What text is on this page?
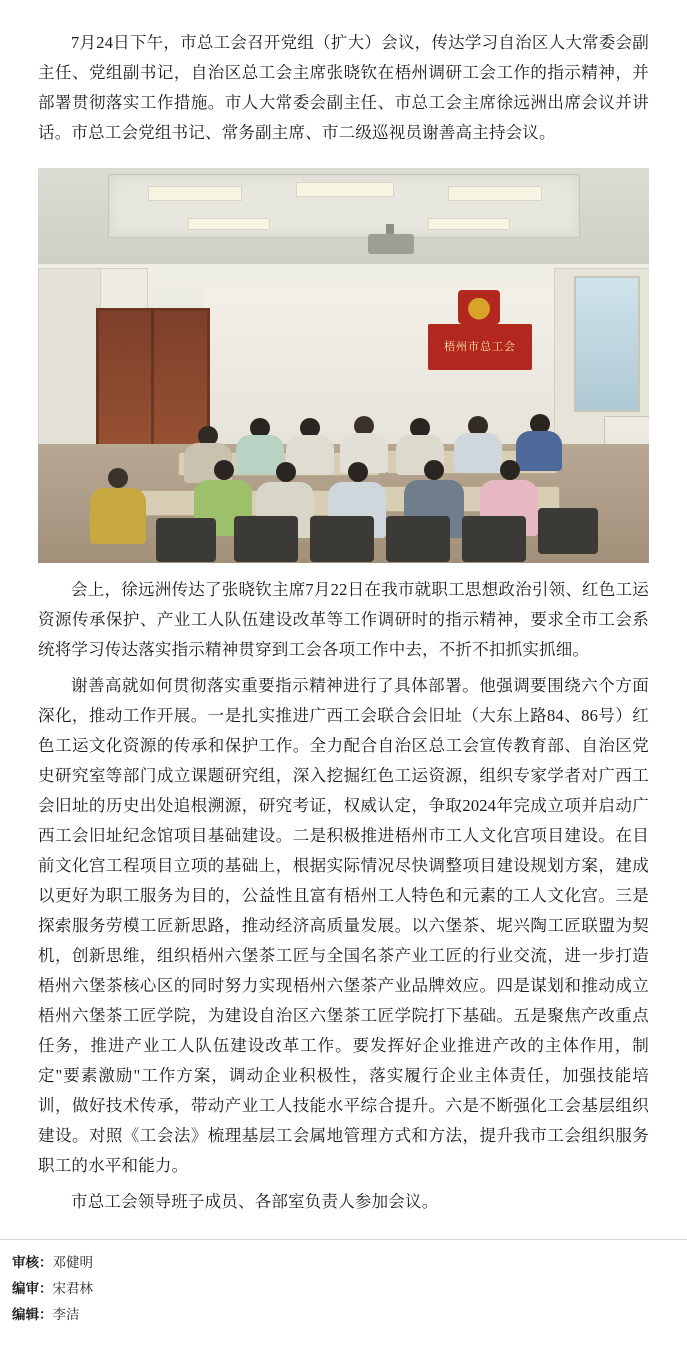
7月24日下午，市总工会召开党组（扩大）会议，传达学习自治区人大常委会副主任、党组副书记，自治区总工会主席张晓钦在梧州调研工会工作的指示精神，并部署贯彻落实工作措施。市人大常委会副主任、市总工会主席徐远洲出席会议并讲话。市总工会党组书记、常务副主席、市二级巡视员谢善高主持会议。

梧州市总工会

会上，徐远洲传达了张晓钦主席7月22日在我市就职工思想政治引领、红色工运资源传承保护、产业工人队伍建设改革等工作调研时的指示精神，要求全市工会系统将学习传达落实指示精神贯穿到工会各项工作中去，不折不扣抓实抓细。

谢善高就如何贯彻落实重要指示精神进行了具体部署。他强调要围绕六个方面深化，推动工作开展。一是扎实推进广西工会联合会旧址（大东上路84、86号）红色工运文化资源的传承和保护工作。全力配合自治区总工会宣传教育部、自治区党史研究室等部门成立课题研究组，深入挖掘红色工运资源，组织专家学者对广西工会旧址的历史出处追根溯源，研究考证，权威认定，争取2024年完成立项并启动广西工会旧址纪念馆项目基础建设。二是积极推进梧州市工人文化宫项目建设。在目前文化宫工程项目立项的基础上，根据实际情况尽快调整项目建设规划方案，建成以更好为职工服务为目的，公益性且富有梧州工人特色和元素的工人文化宫。三是探索服务劳模工匠新思路，推动经济高质量发展。以六堡茶、坭兴陶工匠联盟为契机，创新思维，组织梧州六堡茶工匠与全国名茶产业工匠的行业交流，进一步打造梧州六堡茶核心区的同时努力实现梧州六堡茶产业品牌效应。四是谋划和推动成立梧州六堡茶工匠学院，为建设自治区六堡茶工匠学院打下基础。五是聚焦产改重点任务，推进产业工人队伍建设改革工作。要发挥好企业推进产改的主体作用，制定"要素激励"工作方案，调动企业积极性，落实履行企业主体责任，加强技能培训，做好技术传承，带动产业工人技能水平综合提升。六是不断强化工会基层组织建设。对照《工会法》梳理基层工会属地管理方式和方法，提升我市工会组织服务职工的水平和能力。

市总工会领导班子成员、各部室负责人参加会议。

审核：邓健明
编审：宋君林
编辑：李洁
